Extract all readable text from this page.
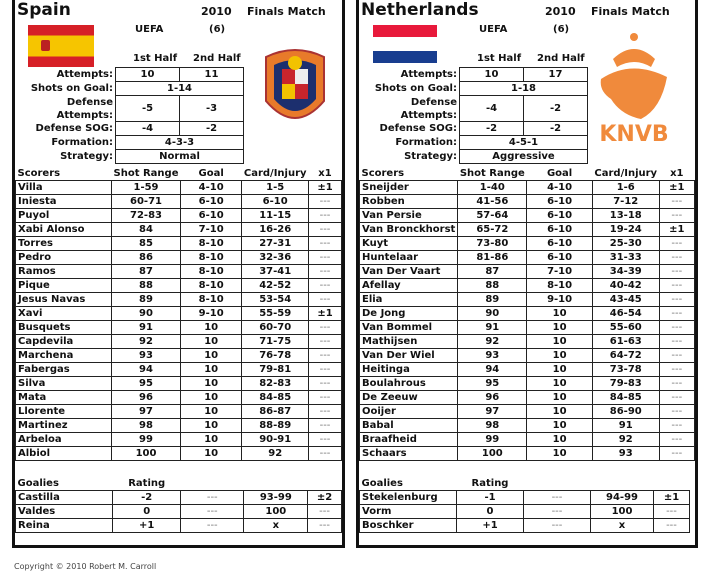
Spain	2010 Finals Match
UEFA	(6)
1st Half 2nd Half
Attempts:	10	11
Shots on Goal:	1-14	
Defense Attempts:	-5	-3
Defense SOG:	-4	-2
Formation:	4-3-3	
Strategy:	Normal	
Scorers	Shot Range	Goal	Card/Injury	x1
Villa	1-59	4-10	1-5	±1
Iniesta	60-71	6-10	6-10	---
Puyol	72-83	6-10	11-15	---
Xabi Alonso	84	7-10	16-26	---
Torres	85	8-10	27-31	---
Pedro	86	8-10	32-36	---
Ramos	87	8-10	37-41	---
Pique	88	8-10	42-52	---
Jesus Navas	89	8-10	53-54	---
Xavi	90	9-10	55-59	±1
Busquets	91	10	60-70	---
Capdevila	92	10	71-75	---
Marchena	93	10	76-78	---
Fabergas	94	10	79-81	---
Silva	95	10	82-83	---
Mata	96	10	84-85	---
Llorente	97	10	86-87	---
Martinez	98	10	88-89	---
Arbeloa	99	10	90-91	---
Albiol	100	10	92	---
Goalies	Rating			
Castilla	-2	---	93-99	±2
Valdes	0	---	100	---
Reina	+1	---	x	---
Netherlands	2010 Finals Match
UEFA	(6)
1st Half 2nd Half
KNVB
Attempts:	10	17
Shots on Goal:	1-18	
Defense Attempts:	-4	-2
Defense SOG:	-2	-2
Formation:	4-5-1	
Strategy:	Aggressive	
Scorers	Shot Range	Goal	Card/Injury	x1
Sneijder	1-40	4-10	1-6	±1
Robben	41-56	6-10	7-12	---
Van Persie	57-64	6-10	13-18	---
Van Bronckhorst	65-72	6-10	19-24	±1
Kuyt	73-80	6-10	25-30	---
Huntelaar	81-86	6-10	31-33	---
Van Der Vaart	87	7-10	34-39	---
Afellay	88	8-10	40-42	---
Elia	89	9-10	43-45	---
De Jong	90	10	46-54	---
Van Bommel	91	10	55-60	---
Mathijsen	92	10	61-63	---
Van Der Wiel	93	10	64-72	---
Heitinga	94	10	73-78	---
Boulahrous	95	10	79-83	---
De Zeeuw	96	10	84-85	---
Ooijer	97	10	86-90	---
Babal	98	10	91	---
Braafheid	99	10	92	---
Schaars	100	10	93	---
Goalies	Rating			
Stekelenburg	-1	---	94-99	±1
Vorm	0	---	100	---
Boschker	+1	---	x	---
Copyright © 2010 Robert M. Carroll
